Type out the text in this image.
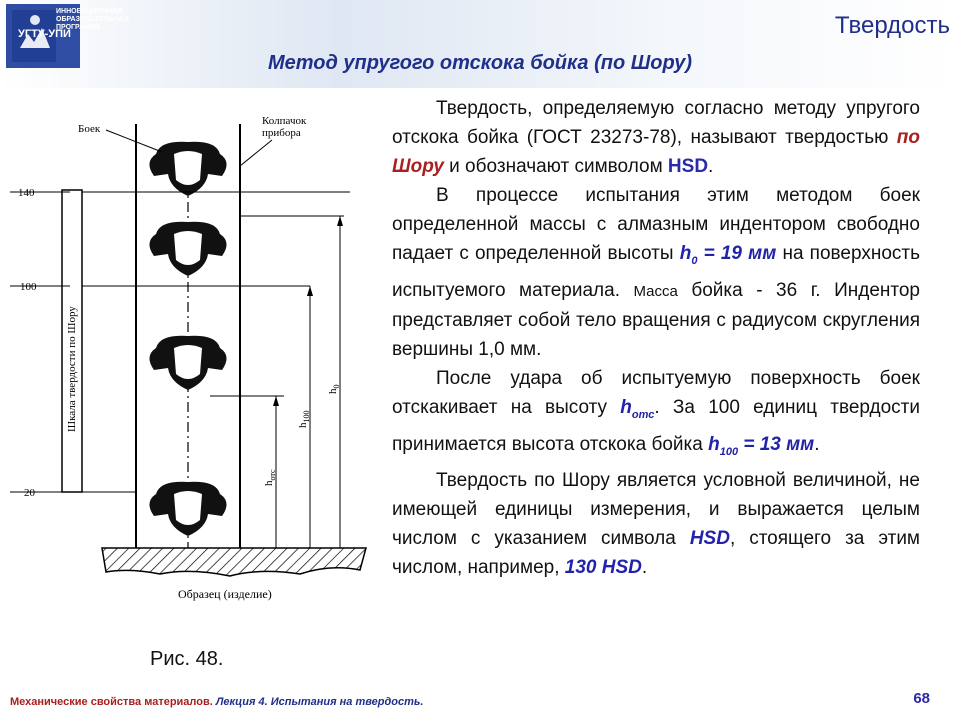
ИННОВАЦИОННАЯ
ОБРАЗОВАТЕЛЬНАЯ
ПРОГРАММА
УГТУ-УПИ	Твердость
Метод упругого отскока бойка (по Шору)
140
100
20
Шкала твердости по Шору
$h_{отс}$
$h_{100}$
$h_0$
Боек
Колпачок
прибора
Образец (изделие)
Рис. 48.

Твердость, определяемую согласно методу упругого отскока бойка (ГОСТ 23273-78), называют твердостью по Шору и обозначают символом HSD.

В процессе испытания этим методом боек определенной массы с алмазным индентором свободно падает с определенной высоты $h_0 = 19$ мм на поверхность испытуемого материала. Масса бойка - 36 г. Индентор представляет собой тело вращения с радиусом скругления вершины 1,0 мм.

После удара об испытуемую поверхность боек отскакивает на высоту $h_{отс}$. За 100 единиц твердости принимается высота отскока бойка $h_{100} = 13$ мм.

Твердость по Шору является условной величиной, не имеющей единицы измерения, и выражается целым числом с указанием символа HSD, стоящего за этим числом, например, 130 HSD.

Механические свойства материалов. Лекция 4. Испытания на твердость.	68
